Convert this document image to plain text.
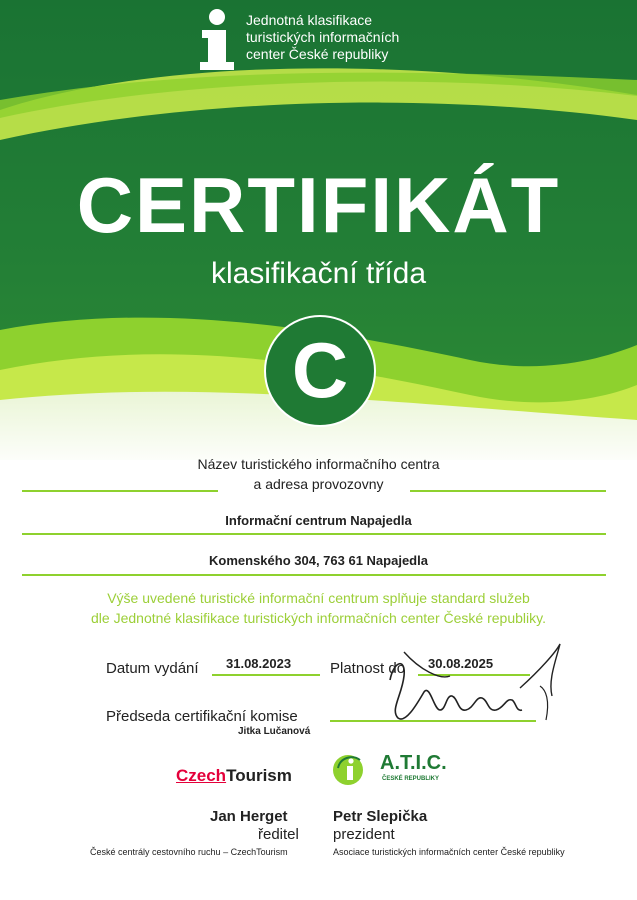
Jednotná klasifikace
turistických informačních
center České republiky
CERTIFIKÁT
klasifikační třída
C
Název turistického informačního centra
a adresa provozovny
Informační centrum Napajedla
Komenského 304, 763 61 Napajedla
Výše uvedené turistické informační centrum splňuje standard služeb
dle Jednotné klasifikace turistických informačních center České republiky.
Datum vydání 31.08.2023	Platnost do 30.08.2025
Předseda certifikační komise
Jitka Lučanová
CzechTourism
A.T.I.C.
ČESKÉ REPUBLIKY
Jan Herget
ředitel
České centrály cestovního ruchu – CzechTourism
Petr Slepička
prezident
Asociace turistických informačních center České republiky
